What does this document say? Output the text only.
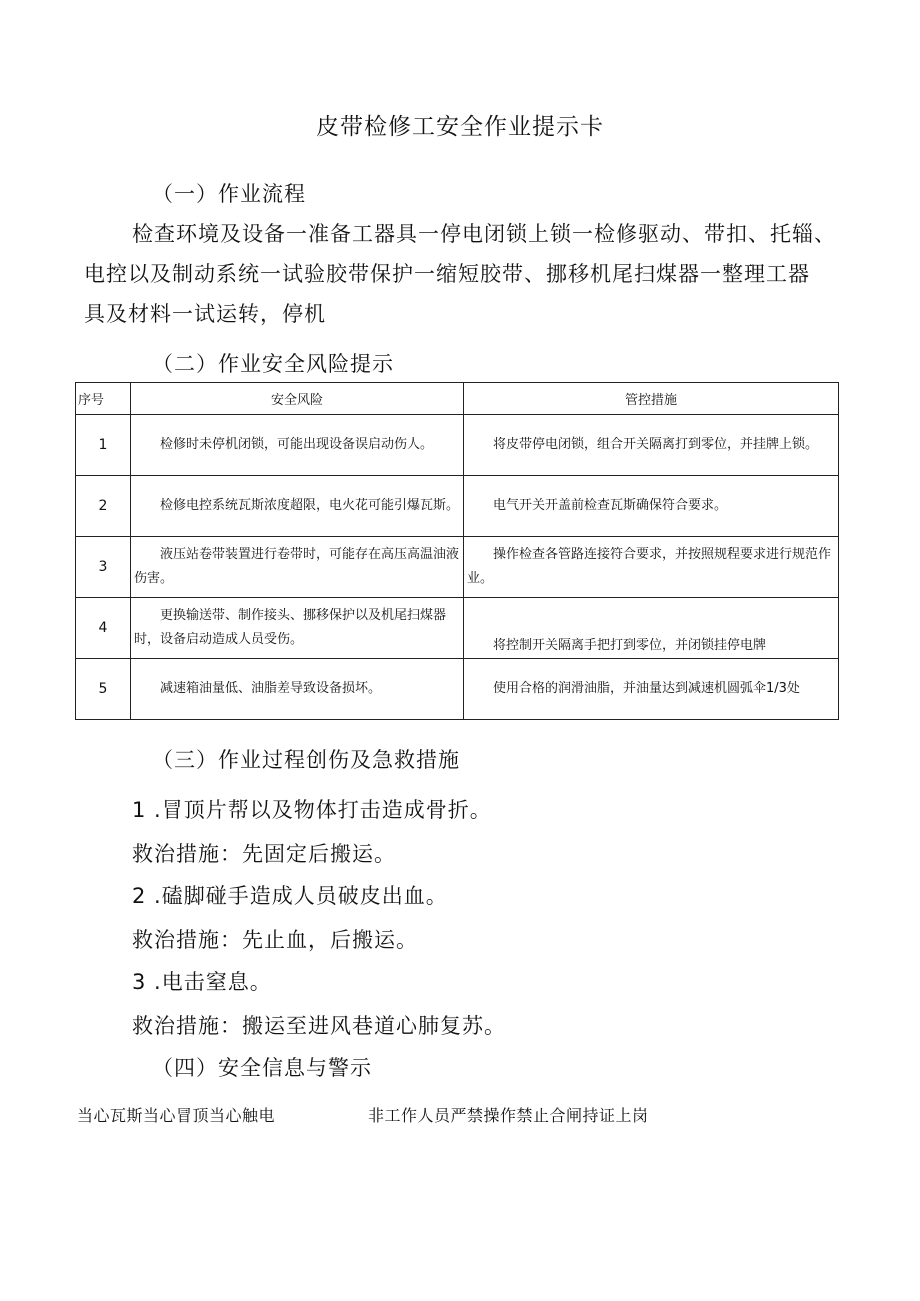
皮带检修工安全作业提示卡
（一）作业流程
检查环境及设备一准备工器具一停电闭锁上锁一检修驱动、带扣、托辎、
电控以及制动系统一试验胶带保护一缩短胶带、挪移机尾扫煤器一整理工器
具及材料一试运转，停机
（二）作业安全风险提示
序号	安全风险	管控措施
1	检修时未停机闭锁，可能出现设备误启动伤人。	将皮带停电闭锁，组合开关隔离打到零位，并挂牌上锁。
2	检修电控系统瓦斯浓度超限，电火花可能引爆瓦斯。	电气开关开盖前检查瓦斯确保符合要求。
3	液压站卷带装置进行卷带时，可能存在高压高温油液伤害。	操作检查各管路连接符合要求，并按照规程要求进行规范作业。
4	更换输送带、制作接头、挪移保护以及机尾扫煤器时，设备启动造成人员受伤。	将控制开关隔离手把打到零位，并闭锁挂停电牌
5	减速箱油量低、油脂差导致设备损坏。	使用合格的润滑油脂，并油量达到减速机圆弧伞1/3处
（三）作业过程创伤及急救措施
1 .冒顶片帮以及物体打击造成骨折。
救治措施：先固定后搬运。
2 .磕脚碰手造成人员破皮出血。
救治措施：先止血，后搬运。
3 .电击窒息。
救治措施：搬运至进风巷道心肺复苏。
（四）安全信息与警示
当心瓦斯当心冒顶当心触电	非工作人员严禁操作禁止合闸持证上岗
